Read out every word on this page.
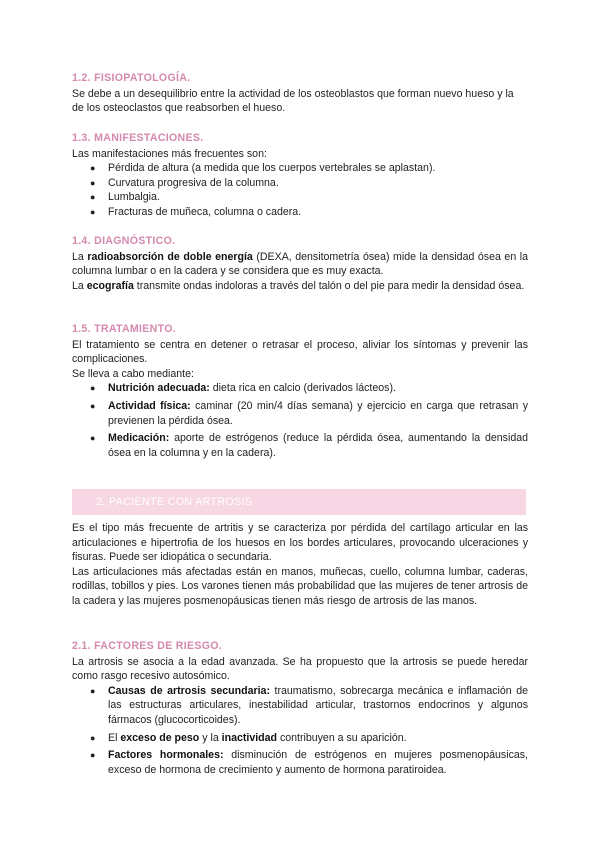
1.2. FISIOPATOLOGÍA.

Se debe a un desequilibrio entre la actividad de los osteoblastos que forman nuevo hueso y la de los osteoclastos que reabsorben el hueso.

1.3. MANIFESTACIONES.

Las manifestaciones más frecuentes son:

● Pérdida de altura (a medida que los cuerpos vertebrales se aplastan).
● Curvatura progresiva de la columna.
● Lumbalgia.
● Fracturas de muñeca, columna o cadera.
1.4. DIAGNÓSTICO.

La radioabsorción de doble energía (DEXA, densitometría ósea) mide la densidad ósea en la columna lumbar o en la cadera y se considera que es muy exacta.

La ecografía transmite ondas indoloras a través del talón o del pie para medir la densidad ósea.

1.5. TRATAMIENTO.

El tratamiento se centra en detener o retrasar el proceso, aliviar los síntomas y prevenir las complicaciones.

Se lleva a cabo mediante:

● Nutrición adecuada: dieta rica en calcio (derivados lácteos).
● Actividad física: caminar (20 min/4 días semana) y ejercicio en carga que retrasan y previenen la pérdida ósea.
● Medicación: aporte de estrógenos (reduce la pérdida ósea, aumentando la densidad ósea en la columna y en la cadera).
2. PACIENTE CON ARTROSIS

Es el tipo más frecuente de artritis y se caracteriza por pérdida del cartílago articular en las articulaciones e hipertrofia de los huesos en los bordes articulares, provocando ulceraciones y fisuras. Puede ser idiopática o secundaria.

Las articulaciones más afectadas están en manos, muñecas, cuello, columna lumbar, caderas, rodillas, tobillos y pies. Los varones tienen más probabilidad que las mujeres de tener artrosis de la cadera y las mujeres posmenopáusicas tienen más riesgo de artrosis de las manos.

2.1. FACTORES DE RIESGO.

La artrosis se asocia a la edad avanzada. Se ha propuesto que la artrosis se puede heredar como rasgo recesivo autosómico.

● Causas de artrosis secundaria: traumatismo, sobrecarga mecánica e inflamación de las estructuras articulares, inestabilidad articular, trastornos endocrinos y algunos fármacos (glucocorticoides).
● El exceso de peso y la inactividad contribuyen a su aparición.
● Factores hormonales: disminución de estrógenos en mujeres posmenopáusicas, exceso de hormona de crecimiento y aumento de hormona paratiroidea.
